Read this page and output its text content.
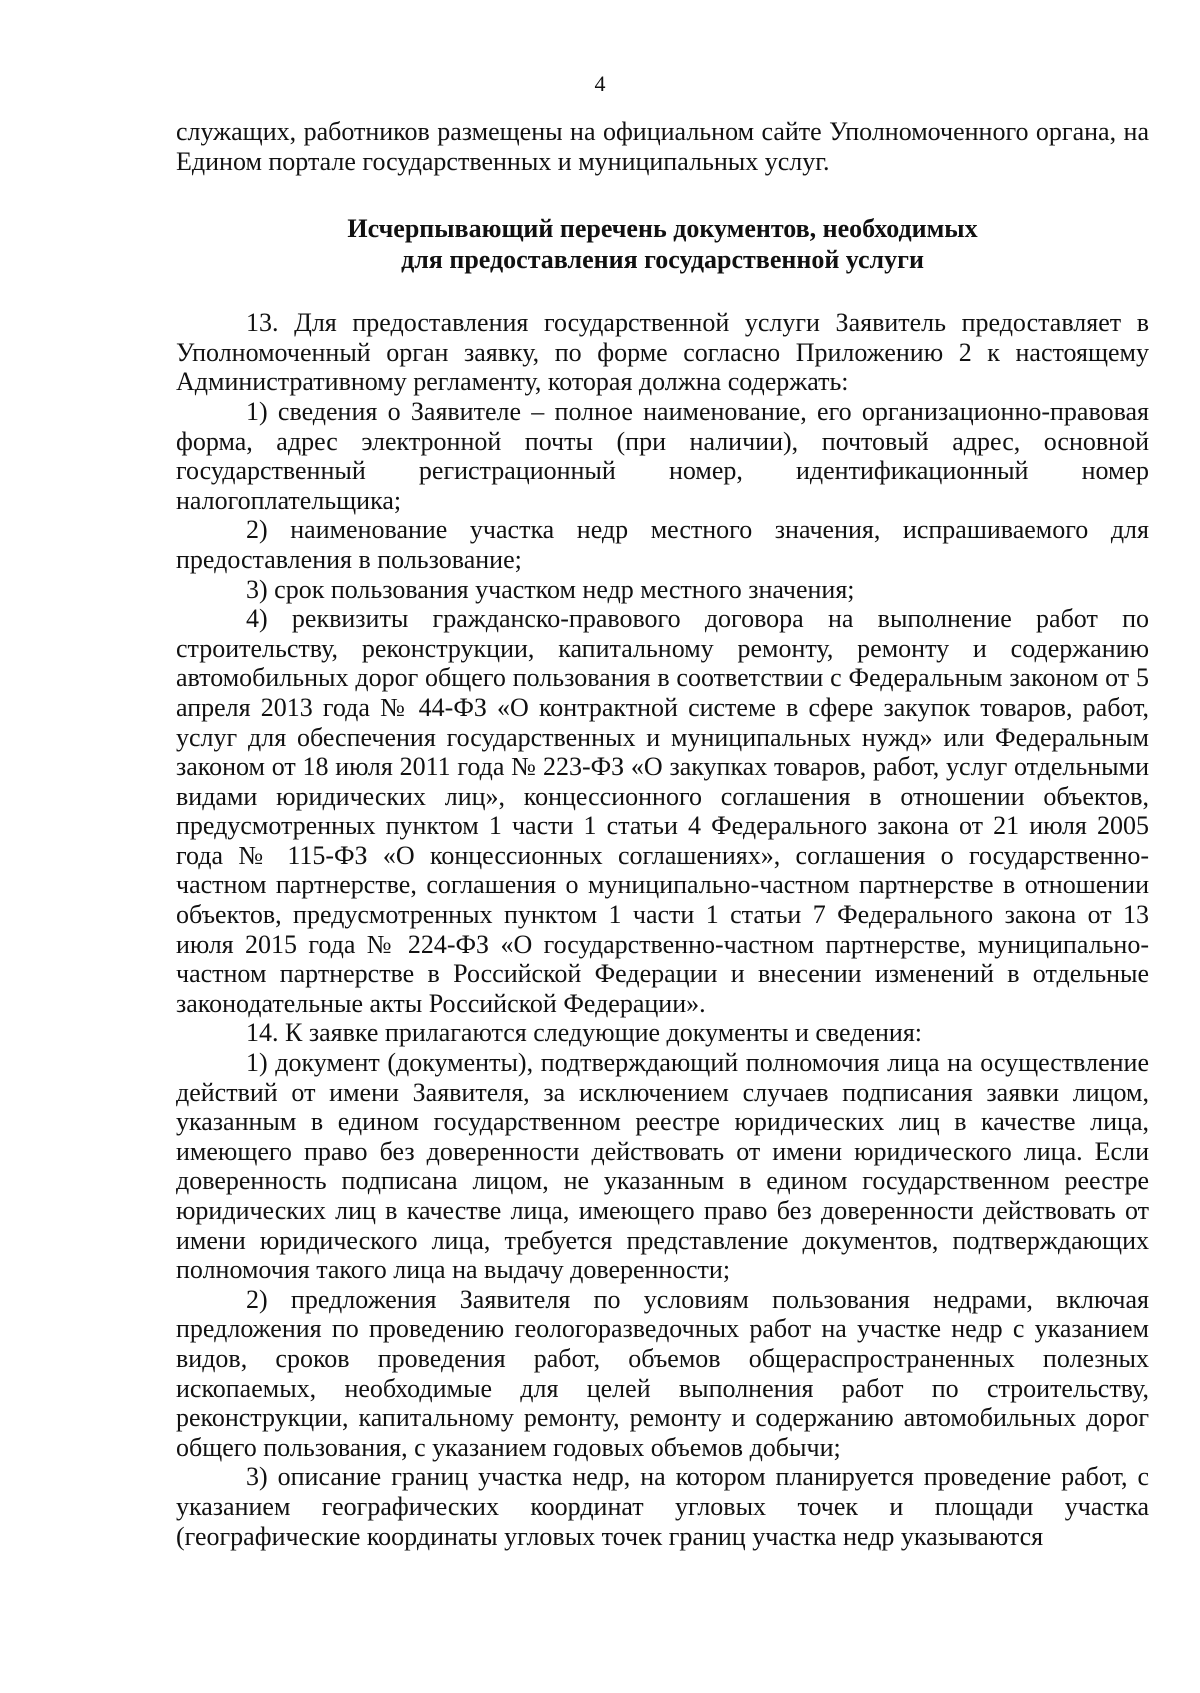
4

служащих, работников размещены на официальном сайте Уполномоченного органа, на Едином портале государственных и муниципальных услуг.

Исчерпывающий перечень документов, необходимых
для предоставления государственной услуги

13. Для предоставления государственной услуги Заявитель предоставляет в Уполномоченный орган заявку, по форме согласно Приложению 2 к настоящему Административному регламенту, которая должна содержать:

1) сведения о Заявителе – полное наименование, его организационно-правовая форма, адрес электронной почты (при наличии), почтовый адрес, основной государственный регистрационный номер, идентификационный номер налогоплательщика;

2) наименование участка недр местного значения, испрашиваемого для предоставления в пользование;

3) срок пользования участком недр местного значения;

4) реквизиты гражданско-правового договора на выполнение работ по строительству, реконструкции, капитальному ремонту, ремонту и содержанию автомобильных дорог общего пользования в соответствии с Федеральным законом от 5 апреля 2013 года № 44-ФЗ «О контрактной системе в сфере закупок товаров, работ, услуг для обеспечения государственных и муниципальных нужд» или Федеральным законом от 18 июля 2011 года № 223-ФЗ «О закупках товаров, работ, услуг отдельными видами юридических лиц», концессионного соглашения в отношении объектов, предусмотренных пунктом 1 части 1 статьи 4 Федерального закона от 21 июля 2005 года № 115-ФЗ «О концессионных соглашениях», соглашения о государственно-частном партнерстве, соглашения о муниципально-частном партнерстве в отношении объектов, предусмотренных пунктом 1 части 1 статьи 7 Федерального закона от 13 июля 2015 года № 224-ФЗ «О государственно-частном партнерстве, муниципально-частном партнерстве в Российской Федерации и внесении изменений в отдельные законодательные акты Российской Федерации».

14. К заявке прилагаются следующие документы и сведения:

1) документ (документы), подтверждающий полномочия лица на осуществление действий от имени Заявителя, за исключением случаев подписания заявки лицом, указанным в едином государственном реестре юридических лиц в качестве лица, имеющего право без доверенности действовать от имени юридического лица. Если доверенность подписана лицом, не указанным в едином государственном реестре юридических лиц в качестве лица, имеющего право без доверенности действовать от имени юридического лица, требуется представление документов, подтверждающих полномочия такого лица на выдачу доверенности;

2) предложения Заявителя по условиям пользования недрами, включая предложения по проведению геологоразведочных работ на участке недр с указанием видов, сроков проведения работ, объемов общераспространенных полезных ископаемых, необходимые для целей выполнения работ по строительству, реконструкции, капитальному ремонту, ремонту и содержанию автомобильных дорог общего пользования, с указанием годовых объемов добычи;

3) описание границ участка недр, на котором планируется проведение работ, с указанием географических координат угловых точек и площади участка (географические координаты угловых точек границ участка недр указываются
